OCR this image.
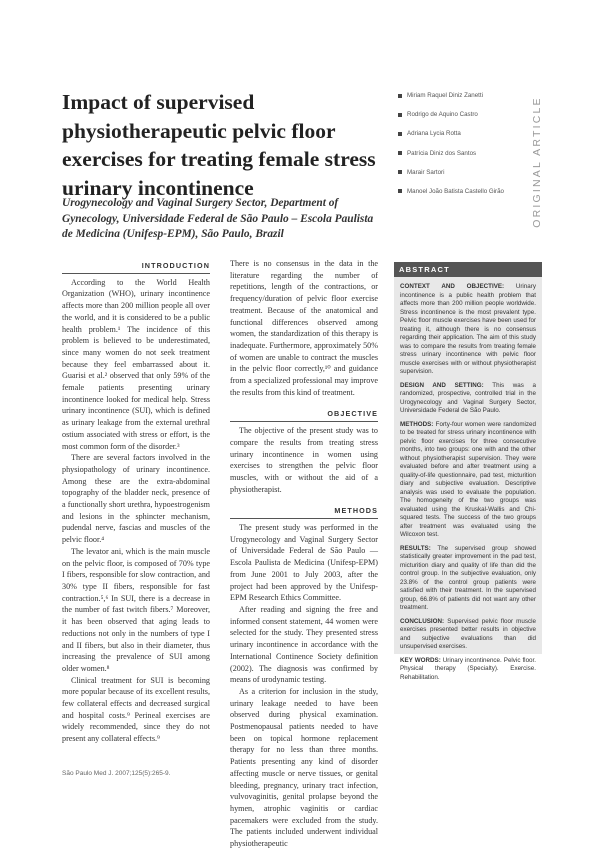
Impact of supervised physiotherapeutic pelvic floor exercises for treating female stress urinary incontinence

Urogynecology and Vaginal Surgery Sector, Department of Gynecology, Universidade Federal de São Paulo – Escola Paulista de Medicina (Unifesp-EPM), São Paulo, Brazil

Miriam Raquel Diniz Zanetti
Rodrigo de Aquino Castro
Adriana Lycia Rotta
Patrícia Diniz dos Santos
Marair Sartori
Manoel João Batista Castello Girão	ORIGINAL ARTICLE
INTRODUCTION

According to the World Health Organization (WHO), urinary incontinence affects more than 200 million people all over the world, and it is considered to be a public health problem.¹ The incidence of this problem is believed to be underestimated, since many women do not seek treatment because they feel embarrassed about it. Guarisi et al.² observed that only 59% of the female patients presenting urinary incontinence looked for medical help. Stress urinary incontinence (SUI), which is defined as urinary leakage from the external urethral ostium associated with stress or effort, is the most common form of the disorder.³

There are several factors involved in the physiopathology of urinary incontinence. Among these are the extra-abdominal topography of the bladder neck, presence of a functionally short urethra, hypoestrogenism and lesions in the sphincter mechanism, pudendal nerve, fascias and muscles of the pelvic floor.⁴

The levator ani, which is the main muscle on the pelvic floor, is composed of 70% type I fibers, responsible for slow contraction, and 30% type II fibers, responsible for fast contraction.⁵,⁶ In SUI, there is a decrease in the number of fast twitch fibers.⁷ Moreover, it has been observed that aging leads to reductions not only in the numbers of type I and II fibers, but also in their diameter, thus increasing the prevalence of SUI among older women.⁸

Clinical treatment for SUI is becoming more popular because of its excellent results, few collateral effects and decreased surgical and hospital costs.⁹ Perineal exercises are widely recommended, since they do not present any collateral effects.⁹

There is no consensus in the data in the literature regarding the number of repetitions, length of the contractions, or frequency/duration of pelvic floor exercise treatment. Because of the anatomical and functional differences observed among women, the standardization of this therapy is inadequate. Furthermore, approximately 50% of women are unable to contract the muscles in the pelvic floor correctly,¹⁰ and guidance from a specialized professional may improve the results from this kind of treatment.

OBJECTIVE

The objective of the present study was to compare the results from treating stress urinary incontinence in women using exercises to strengthen the pelvic floor muscles, with or without the aid of a physiotherapist.

METHODS

The present study was performed in the Urogynecology and Vaginal Surgery Sector of Universidade Federal de São Paulo — Escola Paulista de Medicina (Unifesp-EPM) from June 2001 to July 2003, after the project had been approved by the Unifesp-EPM Research Ethics Committee.

After reading and signing the free and informed consent statement, 44 women were selected for the study. They presented stress urinary incontinence in accordance with the International Continence Society definition (2002). The diagnosis was confirmed by means of urodynamic testing.

As a criterion for inclusion in the study, urinary leakage needed to have been observed during physical examination. Postmenopausal patients needed to have been on topical hormone replacement therapy for no less than three months. Patients presenting any kind of disorder affecting muscle or nerve tissues, or genital bleeding, pregnancy, urinary tract infection, vulvovaginitis, genital prolapse beyond the hymen, atrophic vaginitis or cardiac pacemakers were excluded from the study. The patients included underwent individual physiotherapeutic

ABSTRACT

CONTEXT AND OBJECTIVE: Urinary incontinence is a public health problem that affects more than 200 million people worldwide. Stress incontinence is the most prevalent type. Pelvic floor muscle exercises have been used for treating it, although there is no consensus regarding their application. The aim of this study was to compare the results from treating female stress urinary incontinence with pelvic floor muscle exercises with or without physiotherapist supervision.

DESIGN AND SETTING: This was a randomized, prospective, controlled trial in the Urogynecology and Vaginal Surgery Sector, Universidade Federal de São Paulo.

METHODS: Forty-four women were randomized to be treated for stress urinary incontinence with pelvic floor exercises for three consecutive months, into two groups: one with and the other without physiotherapist supervision. They were evaluated before and after treatment using a quality-of-life questionnaire, pad test, micturition diary and subjective evaluation. Descriptive analysis was used to evaluate the population. The homogeneity of the two groups was evaluated using the Kruskal-Wallis and Chi-squared tests. The success of the two groups after treatment was evaluated using the Wilcoxon test.

RESULTS: The supervised group showed statistically greater improvement in the pad test, micturition diary and quality of life than did the control group. In the subjective evaluation, only 23.8% of the control group patients were satisfied with their treatment. In the supervised group, 66.8% of patients did not want any other treatment.

CONCLUSION: Supervised pelvic floor muscle exercises presented better results in objective and subjective evaluations than did unsupervised exercises.

KEY WORDS: Urinary incontinence. Pelvic floor. Physical therapy (Specialty). Exercise. Rehabilitation.

São Paulo Med J. 2007;125(5):265-9.
